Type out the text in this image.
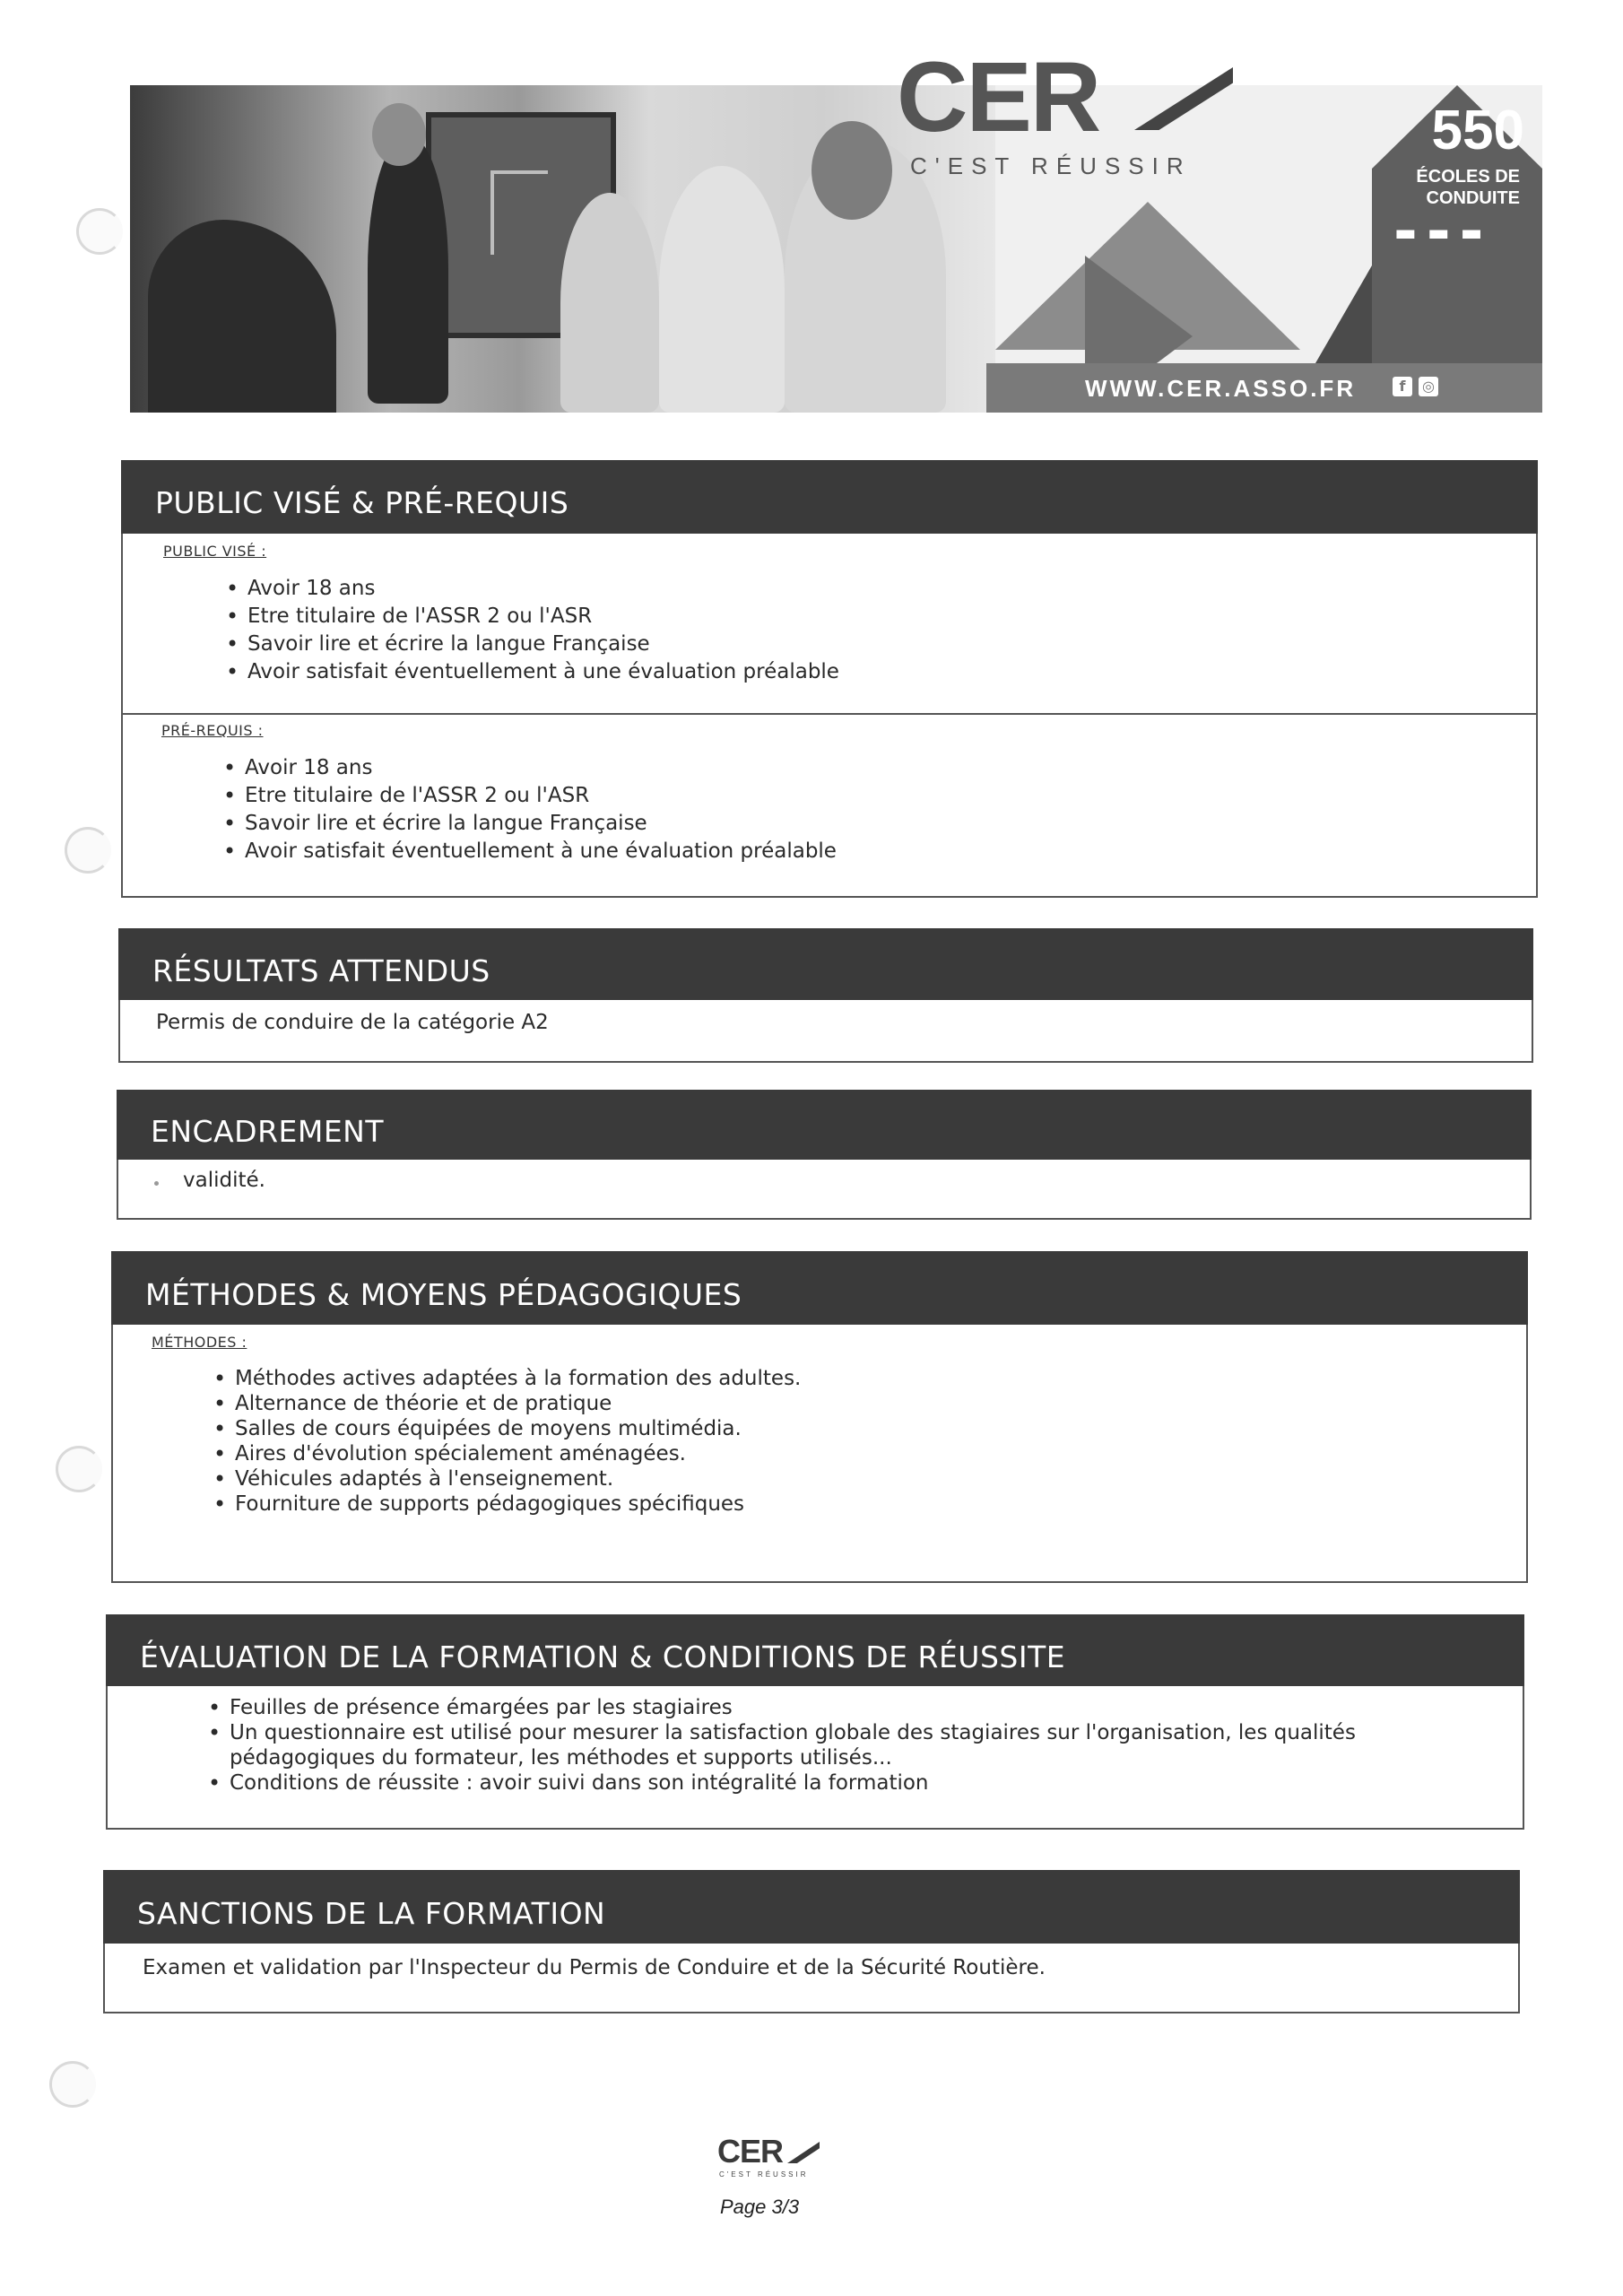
CER
C'EST RÉUSSIR
550
ÉCOLES DE
CONDUITE
▬ ▬ ▬
WWW.CER.ASSO.FR	f	◎
PUBLIC VISÉ & PRÉ-REQUIS
PUBLIC VISÉ :
• Avoir 18 ans
• Etre titulaire de l'ASSR 2 ou l'ASR
• Savoir lire et écrire la langue Française
• Avoir satisfait éventuellement à une évaluation préalable
PRÉ-REQUIS :
• Avoir 18 ans
• Etre titulaire de l'ASSR 2 ou l'ASR
• Savoir lire et écrire la langue Française
• Avoir satisfait éventuellement à une évaluation préalable
RÉSULTATS ATTENDUS
Permis de conduire de la catégorie A2
ENCADREMENT
validité.
MÉTHODES & MOYENS PÉDAGOGIQUES
MÉTHODES :
• Méthodes actives adaptées à la formation des adultes.
• Alternance de théorie et de pratique
• Salles de cours équipées de moyens multimédia.
• Aires d'évolution spécialement aménagées.
• Véhicules adaptés à l'enseignement.
• Fourniture de supports pédagogiques spécifiques
ÉVALUATION DE LA FORMATION & CONDITIONS DE RÉUSSITE
• Feuilles de présence émargées par les stagiaires
• Un questionnaire est utilisé pour mesurer la satisfaction globale des stagiaires sur l'organisation, les qualités pédagogiques du formateur, les méthodes et supports utilisés...
• Conditions de réussite : avoir suivi dans son intégralité la formation
SANCTIONS DE LA FORMATION
Examen et validation par l'Inspecteur du Permis de Conduire et de la Sécurité Routière.
CER
C'EST RÉUSSIR
Page 3/3
